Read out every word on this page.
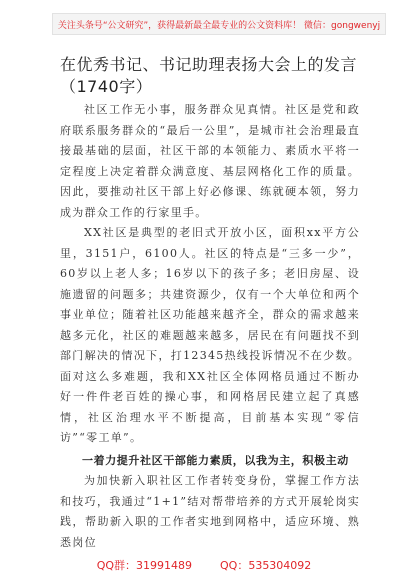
关注头条号“公文研究”，获得最新最全最专业的公文资料库！ 微信：gongwenyj
在优秀书记、书记助理表扬大会上的发言（1740字）

社区工作无小事，服务群众见真情。社区是党和政府联系服务群众的“最后一公里”，是城市社会治理最直接最基础的层面，社区干部的本领能力、素质水平将一定程度上决定着群众满意度、基层网格化工作的质量。因此，要推动社区干部上好必修课、练就硬本领，努力成为群众工作的行家里手。

XX社区是典型的老旧式开放小区，面积xx平方公里，3151户，6100人。社区的特点是“三多一少”，60岁以上老人多；16岁以下的孩子多；老旧房屋、设施遗留的问题多；共建资源少，仅有一个大单位和两个事业单位；随着社区功能越来越齐全，群众的需求越来越多元化，社区的难题越来越多，居民在有问题找不到部门解决的情况下，打12345热线投诉情况不在少数。面对这么多难题，我和XX社区全体网格员通过不断办好一件件老百姓的操心事，和网格居民建立起了真感情，社区治理水平不断提高，目前基本实现“零信访”“零工单”。

一着力提升社区干部能力素质，以我为主，积极主动

为加快新入职社区工作者转变身份，掌握工作方法和技巧，我通过“1+1”结对帮带培养的方式开展轮岗实践，帮助新入职的工作者实地到网格中，适应环境、熟悉岗位

QQ群：31991489	QQ：535304092
